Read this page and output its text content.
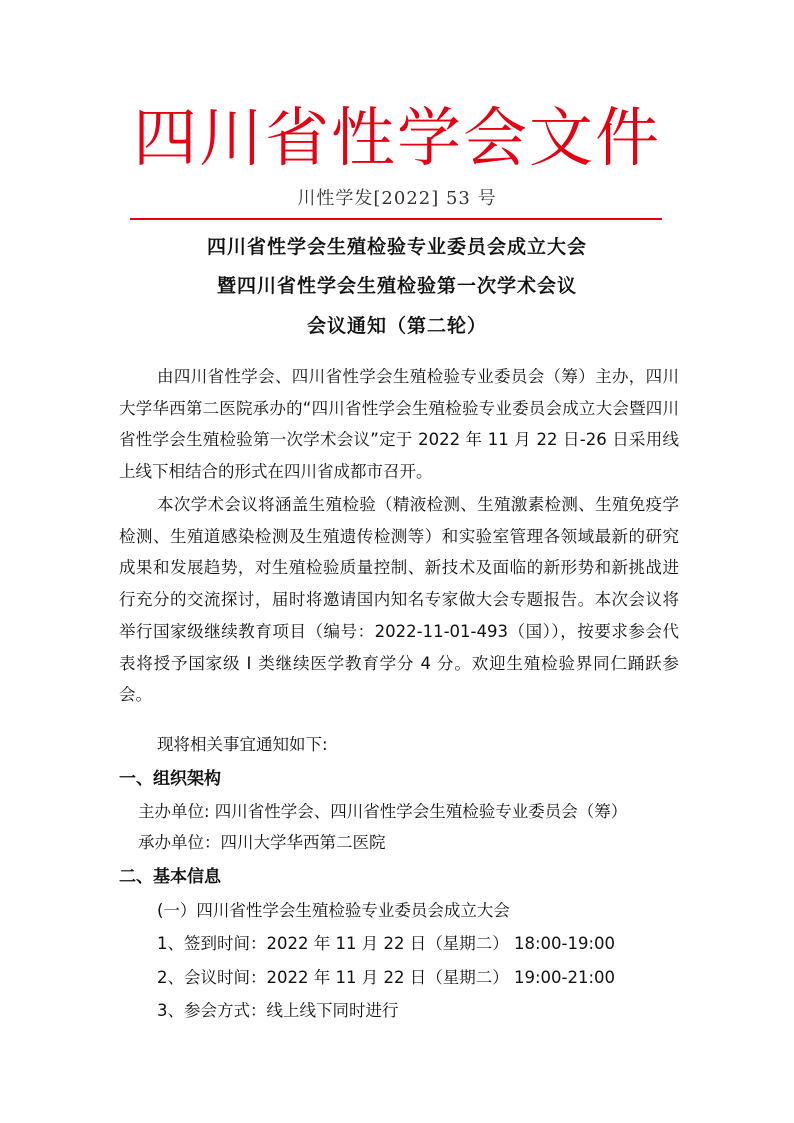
四川省性学会文件
川性学发[2022] 53 号
四川省性学会生殖检验专业委员会成立大会
暨四川省性学会生殖检验第一次学术会议
会议通知（第二轮）
由四川省性学会、四川省性学会生殖检验专业委员会（筹）主办，四川大学华西第二医院承办的“四川省性学会生殖检验专业委员会成立大会暨四川省性学会生殖检验第一次学术会议”定于 2022 年 11 月 22 日-26 日采用线上线下相结合的形式在四川省成都市召开。
本次学术会议将涵盖生殖检验（精液检测、生殖激素检测、生殖免疫学检测、生殖道感染检测及生殖遗传检测等）和实验室管理各领域最新的研究成果和发展趋势，对生殖检验质量控制、新技术及面临的新形势和新挑战进行充分的交流探讨，届时将邀请国内知名专家做大会专题报告。本次会议将举行国家级继续教育项目（编号：2022-11-01-493（国）），按要求参会代表将授予国家级 Ⅰ 类继续医学教育学分 4 分。欢迎生殖检验界同仁踊跃参会。
现将相关事宜通知如下:
一、组织架构
主办单位: 四川省性学会、四川省性学会生殖检验专业委员会（筹）
承办单位：四川大学华西第二医院
二、基本信息
(一）四川省性学会生殖检验专业委员会成立大会
1、签到时间：2022 年 11 月 22 日（星期二） 18:00-19:00
2、会议时间：2022 年 11 月 22 日（星期二） 19:00-21:00
3、参会方式：线上线下同时进行
